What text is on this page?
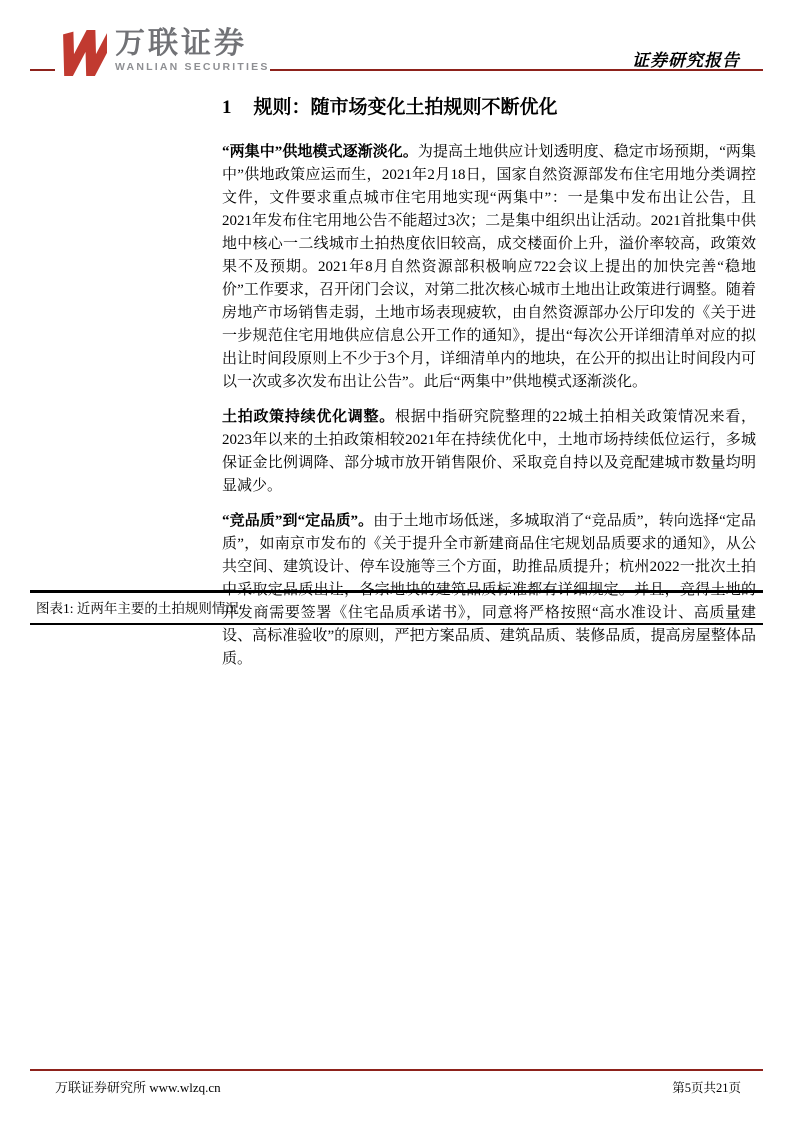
万联证券
WANLIAN SECURITIES	证券研究报告
1 规则：随市场变化土拍规则不断优化

“两集中”供地模式逐渐淡化。为提高土地供应计划透明度、稳定市场预期，“两集中”供地政策应运而生，2021年2月18日，国家自然资源部发布住宅用地分类调控文件，文件要求重点城市住宅用地实现“两集中”：一是集中发布出让公告，且2021年发布住宅用地公告不能超过3次；二是集中组织出让活动。2021首批集中供地中核心一二线城市土拍热度依旧较高，成交楼面价上升，溢价率较高，政策效果不及预期。2021年8月自然资源部积极响应722会议上提出的加快完善“稳地价”工作要求，召开闭门会议，对第二批次核心城市土地出让政策进行调整。随着房地产市场销售走弱，土地市场表现疲软，由自然资源部办公厅印发的《关于进一步规范住宅用地供应信息公开工作的通知》，提出“每次公开详细清单对应的拟出让时间段原则上不少于3个月，详细清单内的地块，在公开的拟出让时间段内可以一次或多次发布出让公告”。此后“两集中”供地模式逐渐淡化。

土拍政策持续优化调整。根据中指研究院整理的22城土拍相关政策情况来看，2023年以来的土拍政策相较2021年在持续优化中，土地市场持续低位运行，多城保证金比例调降、部分城市放开销售限价、采取竞自持以及竞配建城市数量均明显减少。

“竞品质”到“定品质”。由于土地市场低迷，多城取消了“竞品质”，转向选择“定品质”，如南京市发布的《关于提升全市新建商品住宅规划品质要求的通知》，从公共空间、建筑设计、停车设施等三个方面，助推品质提升；杭州2022一批次土拍中采取定品质出让，各宗地块的建筑品质标准都有详细规定。并且，竞得土地的开发商需要签署《住宅品质承诺书》，同意将严格按照“高水准设计、高质量建设、高标准验收”的原则，严把方案品质、建筑品质、装修品质，提高房屋整体品质。

图表1: 近两年主要的土拍规则情况
万联证券研究所 www.wlzq.cn	第5页共21页
